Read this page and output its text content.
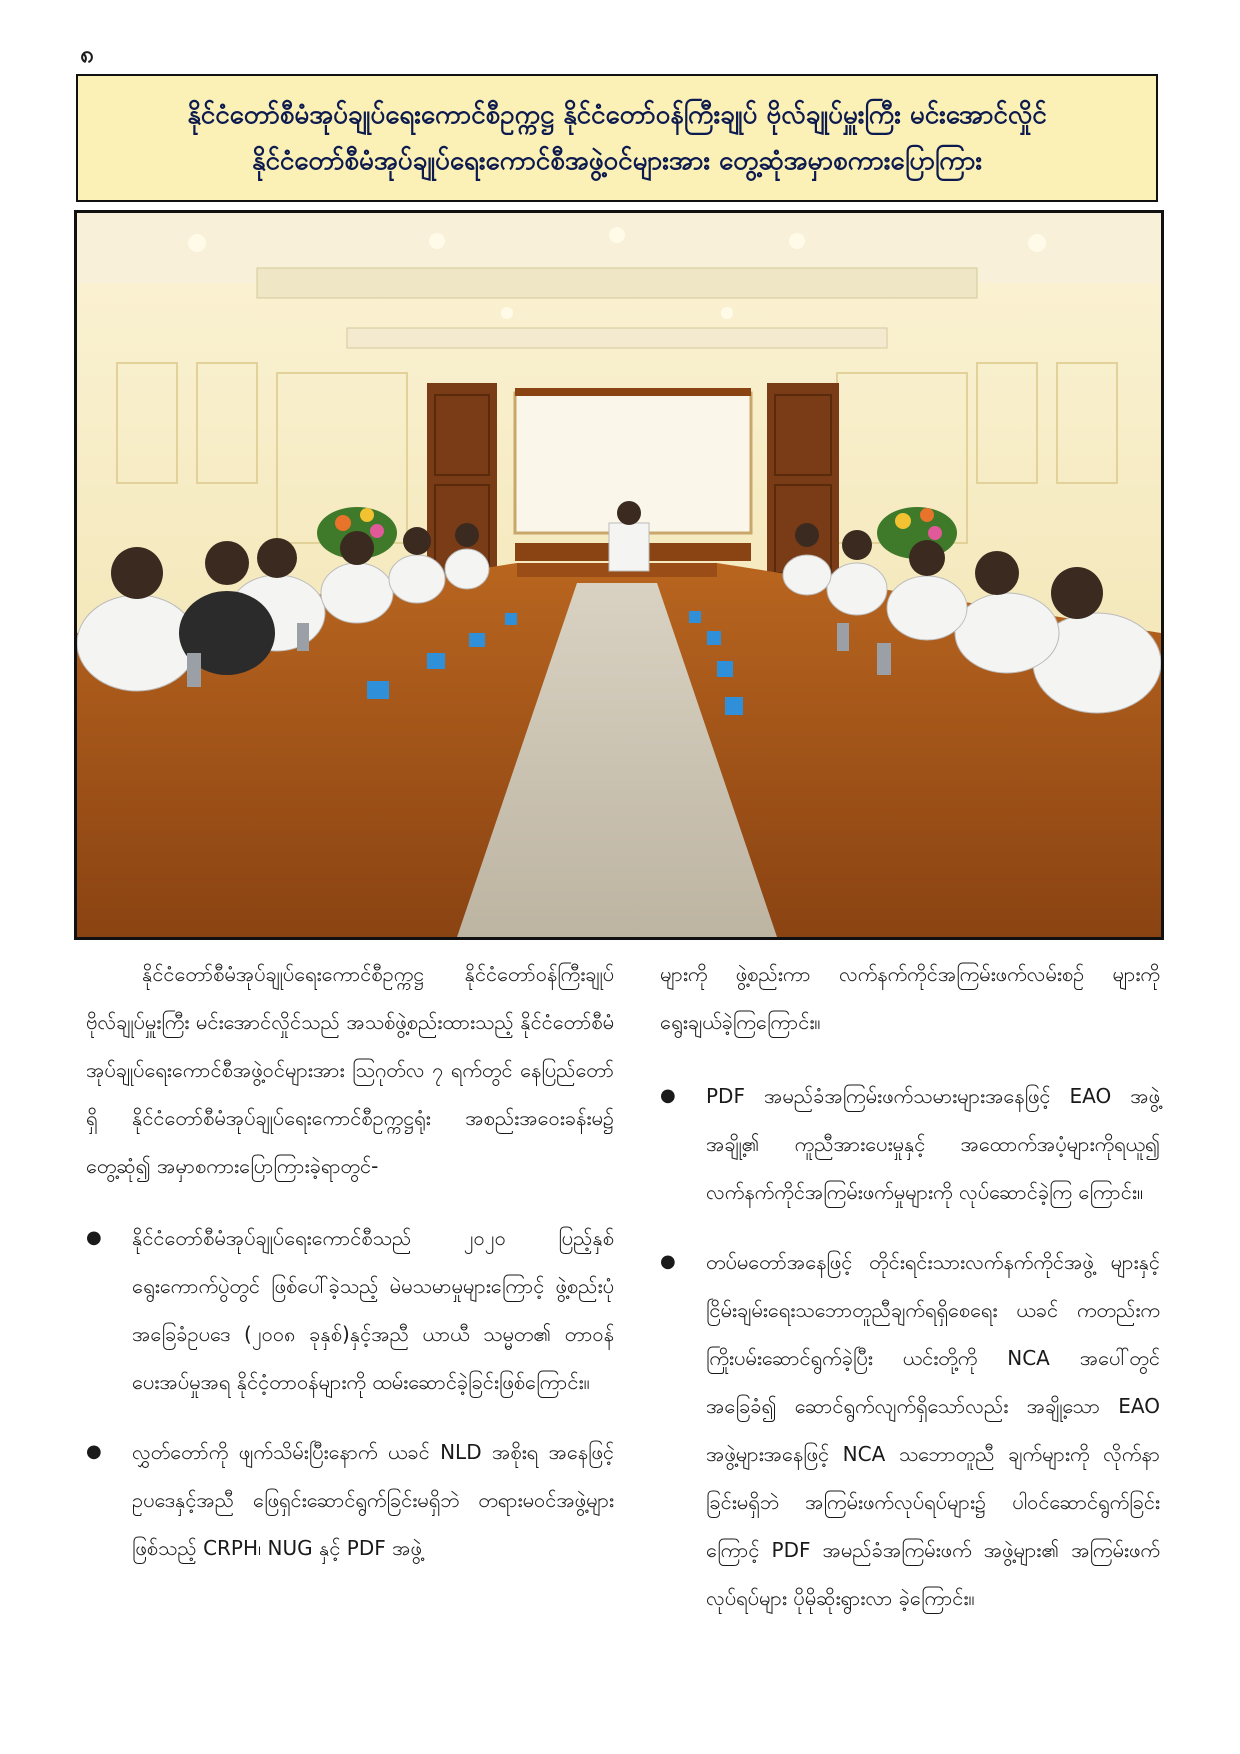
၈
နိုင်ငံတော်စီမံအုပ်ချုပ်ရေးကောင်စီဥက္ကဋ္ဌ နိုင်ငံတော်ဝန်ကြီးချုပ် ဗိုလ်ချုပ်မှူးကြီး မင်းအောင်လှိုင်
နိုင်ငံတော်စီမံအုပ်ချုပ်ရေးကောင်စီအဖွဲ့ဝင်များအား တွေ့ဆုံအမှာစကားပြောကြား

နိုင်ငံတော်စီမံအုပ်ချုပ်ရေးကောင်စီဥက္ကဋ္ဌ နိုင်ငံတော်ဝန်ကြီးချုပ် ဗိုလ်ချုပ်မှူးကြီး မင်းအောင်လှိုင်သည် အသစ်ဖွဲ့စည်းထားသည့် နိုင်ငံတော်စီမံအုပ်ချုပ်ရေးကောင်စီအဖွဲ့ဝင်များအား ဩဂုတ်လ ၇ ရက်တွင် နေပြည်တော်ရှိ နိုင်ငံတော်စီမံအုပ်ချုပ်ရေးကောင်စီဥက္ကဋ္ဌရုံး အစည်းအဝေးခန်းမ၌ တွေ့ဆုံ၍ အမှာစကားပြောကြားခဲ့ရာတွင်-

● နိုင်ငံတော်စီမံအုပ်ချုပ်ရေးကောင်စီသည် ၂၀၂၀ ပြည့်နှစ် ရွေးကောက်ပွဲတွင် ဖြစ်ပေါ်ခဲ့သည့် မဲမသမာမှုများကြောင့် ဖွဲ့စည်းပုံအခြေခံဥပဒေ (၂၀၀၈ ခုနှစ်)နှင့်အညီ ယာယီ သမ္မတ၏ တာဝန်ပေးအပ်မှုအရ နိုင်ငံ့တာဝန်များကို ထမ်းဆောင်ခဲ့ခြင်းဖြစ်ကြောင်း။
● လွှတ်တော်ကို ဖျက်သိမ်းပြီးနောက် ယခင် NLD အစိုးရ အနေဖြင့် ဥပဒေနှင့်အညီ ဖြေရှင်းဆောင်ရွက်ခြင်းမရှိဘဲ တရားမဝင်အဖွဲ့များဖြစ်သည့် CRPH၊ NUG နှင့် PDF အဖွဲ့

များကို ဖွဲ့စည်းကာ လက်နက်ကိုင်အကြမ်းဖက်လမ်းစဉ် များကို ရွေးချယ်ခဲ့ကြကြောင်း။

● PDF အမည်ခံအကြမ်းဖက်သမားများအနေဖြင့် EAO အဖွဲ့ အချို့၏ ကူညီအားပေးမှုနှင့် အထောက်အပံ့များကိုရယူ၍ လက်နက်ကိုင်အကြမ်းဖက်မှုများကို လုပ်ဆောင်ခဲ့ကြ ကြောင်း။
● တပ်မတော်အနေဖြင့် တိုင်းရင်းသားလက်နက်ကိုင်အဖွဲ့ များနှင့် ငြိမ်းချမ်းရေးသဘောတူညီချက်ရရှိစေရေး ယခင် ကတည်းက ကြိုးပမ်းဆောင်ရွက်ခဲ့ပြီး ယင်းတို့ကို NCA အပေါ်တွင် အခြေခံ၍ ဆောင်ရွက်လျက်ရှိသော်လည်း အချို့သော EAO အဖွဲ့များအနေဖြင့် NCA သဘောတူညီ ချက်များကို လိုက်နာခြင်းမရှိဘဲ အကြမ်းဖက်လုပ်ရပ်များ၌ ပါဝင်ဆောင်ရွက်ခြင်းကြောင့် PDF အမည်ခံအကြမ်းဖက် အဖွဲ့များ၏ အကြမ်းဖက်လုပ်ရပ်များ ပိုမိုဆိုးရွားလာ ခဲ့ကြောင်း။
